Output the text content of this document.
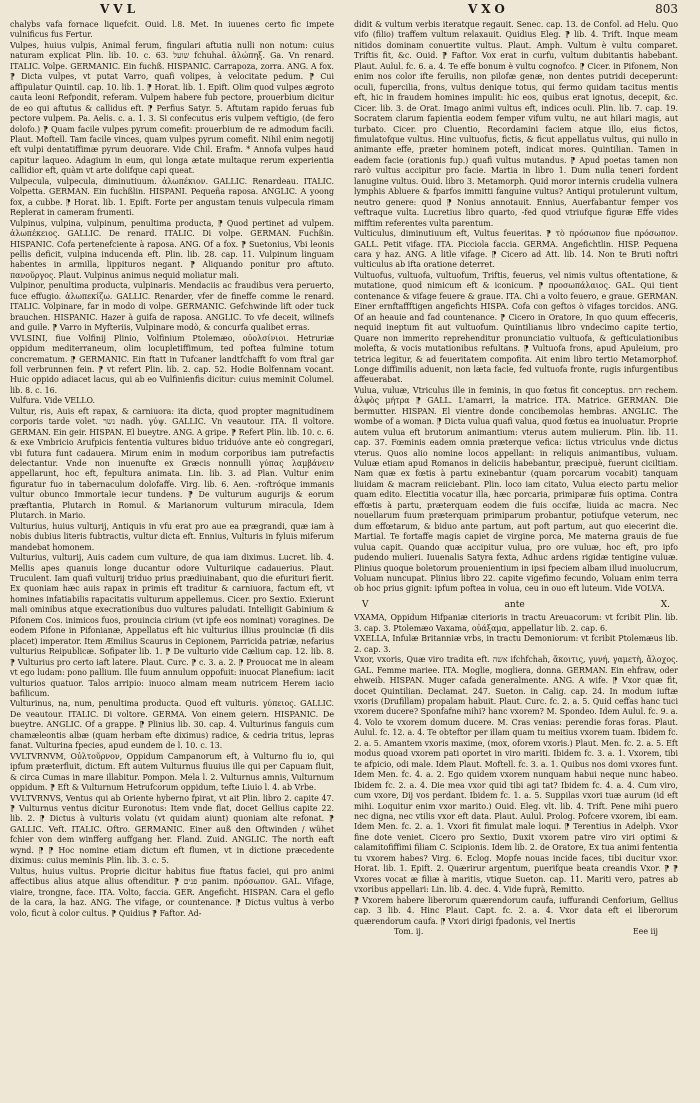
VVL	VXO	803

chalybs vafa fornace liquefcit. Ouid. l.8. Met. In iuuenes certo fic impete vulnificus fus Fertur.

Vulpes, huius vulpis, Animal ferum, fingulari aftutia nulli non notum: cuius naturam explicat Plin. lib. 10. c. 63. שועל fchuhal. ἀλώπηξ. Ga. Vn renard. ITALIC. Volpe. GERMANIC. Ein fuchß. HISPANIC. Carrapoza, zorra. ANG. A fox. ⁋ Dicta vulpes, vt putat Varro, quafi volipes, à velocitate pedum. ⁋ Cui affipulatur Quintil. cap. 10. lib. 1. ⁋ Horat. lib. 1. Epift. Olim quod vulpes ægroto cauta leoni Refpondit, referam. Vulpem habere fub pectore, prouerbium dicitur de eo qui aftutus & callidus eft. ⁋ Perfius Satyr. 5. Aftutam rapido feruas fub pectore vulpem. Pa. Aelis. c. a. 1. 3. Si confecutus eris vulpem veftigio, (de fero dolofo.) ⁋ Quam facile vulpes pyrum comefit: prouerbium de re admodum facili. Plaut. Moftell. Tam facile vinces, quam vulpes pyrum comefit. Nihil enim negotij eft vulpi dentatiffimæ pyrum deuorare. Vide Chil. Erafm. * Annofa vulpes haud capitur laqueo. Adagium in eum, qui longa ætate multaque rerum experientia callidior eft, quàm vt arte dolifque capi queat.

Vulpecula, vulpecula, diminutiuum. ἀλωπέκιον. GALLIC. Renardeau. ITALIC. Volpetta. GERMAN. Ein fuchßlin. HISPANI. Pequeña raposa. ANGLIC. A yoong fox, a cubbe. ⁋ Horat. lib. 1. Epift. Forte per angustam tenuis vulpecula rimam Replerat in cameram frumenti.

Vulpinus, vulpina, vulpinum, penultima producta, ⁋ Quod pertinet ad vulpem. ἀλωπέκειος. GALLIC. De renard. ITALIC. Di volpe. GERMAN. Fuchßin. HISPANIC. Cofa pertenefciente à raposa. ANG. Of a fox. ⁋ Suetonius, Vbi leonis pellis deficit, vulpina inducenda eft. Plin. lib. 28. cap. 11. Vulpinum linguam habentes in armilla, lippituros negant. ⁋ Aliquando ponitur pro aftuto. πανοῦργος. Plaut. Vulpinus animus nequid moliatur mali.

Vulpinor, penultima producta, vulpinaris. Mendaciis ac fraudibus vera peruerto, fuce effugio. ἀλωπεκίζω. GALLIC. Renarder, vfer de fineffe comme le renard. ITALIC. Volpinare, far in modo di volpe. GERMANIC. Gefchwinde lift oder tuck brauchen. HISPANIC. Hazer à guifa de raposa. ANGLIC. To vfe deceit, wilinefs and guile. ⁋ Varro in Myfteriis, Vulpinare modò, & concurfa qualibet erras.

VVLSINI, fiue Volfinij Plinio, Volfinium Ptolemæo, οὐολσίνιοι. Hetruriæ oppidum mediterraneum, olim locupletiffimum, ted poftea fulmine totum concrematum. ⁋ GERMANIC. Ein ftatt in Tufcaner landtfchafft fo vom ftral gar foll verbrunnen fein. ⁋ vt refert Plin. lib. 2. cap. 52. Hodie Bolfennam vocant. Huic oppido adiacet lacus, qui ab eo Vulfinienfis dicitur: cuius meminit Columel. lib. 8. c. 16.

Vulfura. Vide VELLO.

Vultur, ris, Auis eft rapax, & carniuora: ita dicta, quod propter magnitudinem corporis tarde volet. נשר nadh. γύψ. GALLIC. Vn veautour. ITA. Il voltore. GERMAN. Ein geir. HISPAN. El bueytre. ANG. A gripe. ⁋ Refert Plin. lib. 10. c. 6. & exe Vmbricio Arufpicis fententia vultures biduo triduóve ante eò congregari, vbi futura funt cadauera. Mirum enim in modum corporibus iam putrefactis delectantur. Vnde non inuenufte ex Græcis nonnulli γύπας λαμβάνειν appellarunt, hoc eft, fepultura animata. Lin. lib. 3. ad Plan. Vultur enim figuratur fuo in tabernaculum dolofaffe. Virg. lib. 6. Aen. -roftróque immanis vultur obunco Immortale iecur tundens. ⁋ De vulturum augurijs & eorum præftantia, Plutarch in Romul. & Marianorum vulturum miracula, Idem Plutarch. in Mario.

Vulturius, huius vulturij, Antiquis in vfu erat pro aue ea prægrandi, quæ iam à nobis dubius literis fubtractis, vultur dicta eft. Ennius, Vulturis in fyluis miferum mandebat homonem.

Vulturius, vulturij, Auis cadem cum vulture, de qua iam diximus. Lucret. lib. 4. Mellis apes quanuis longe ducantur odore Vulturiique cadauerius. Plaut. Truculent. Iam quafi vulturij triduo prius prædiuinabant, quo die efurituri fierit. Ex quoniam hæc auis rapax in primis eft traditur & carniuora, factum eft, vt homines infatiabilis rapacitatis vulturum appellemus. Cicer. pro Sextio. Exierunt mali ominibus atque execrationibus duo vultures paludati. Intelligit Gabinium & Pifonem Cos. inimicos fuos, prouincia cirium (vt ipfe eos nominat) voragines. De eodem Pifone in Pifonianæ, Appellatus eft hic vulturius illius prouinciæ (fi diis placet) imperator. Item Æmilius Scaurus in Cepionem, Parricida patriæ, nefarius vulturius Reipublicæ. Sofipater lib. 1. ⁋ De vulturio vide Cælium cap. 12. lib. 8. ⁋ Vulturius pro certo iaft latere. Plaut. Curc. ⁋ c. 3. a. 2. ⁋ Prouocat me in aleam vt ego ludam: pono pallium. Ille fuum annulum oppofuit: inuocat Planefium: iacit vulturios quatuor. Talos arripio: inuoco almam meam nutricem Herem iacio bafilicum.

Vulturinus, na, num, penultima producta. Quod eft vulturis. γύπειος. GALLIC. De veautour. ITALIC. Di voltore. GERMA. Von einem geiern. HISPANIC. De bueytre. ANGLIC. Of a grappe. ⁋ Plinius lib. 30. cap. 4. Vulturinus fanguis cum chamæleontis albæ (quam herbam efte diximus) radice, & cedria tritus, lepras fanat. Vulturina fpecies, apud eundem de l. 10. c. 13.

VVLTVRNVM, Οὐλτοῦρνον, Oppidum Campanorum eft, à Vulturno flu io, qui ipfum præterfluit, dictum. Eft autem Vulturnus fluuius ille qui per Capuam fluit, & circa Cumas in mare illabitur. Pompon. Mela l. 2. Vulturnus amnis, Vulturnum oppidum. ⁋ Eft & Vulturnum Hetrufcorum oppidum, tefte Liuio l. 4. ab Vrbe.

VVLTVRNVS, Ventus qui ab Oriente hyberno fpirat, vt ait Plin. libro 2. capite 47. ⁋ Vulturnus ventus dicitur Euronotus: Item vnde flat, docet Gellius capite 22. lib. 2. ⁋ Dictus à vulturis volatu (vt quidam aiunt) quoniam alte refonat. ⁋ GALLIC. Veft. ITALIC. Oftro. GERMANIC. Einer auß den Oftwinden / wühet fchier von dem winfferg auffgang her. Fland. Zuid. ANGLIC. The north eaft wynd. ⁋ ⁋ Hoc nomine etiam dictum eft flumen, vt in dictione præcedente diximus: cuius meminis Plin. lib. 3. c. 5.

Vultus, huius vultus. Proprie dicitur habitus fiue ftatus faciei, qui pro animi affectibus alius atque alius oftenditur. ⁋ פנים panim. πρόσωπον. GAL. Vifage, viaire, trongne, face. ITA. Volto, faccia. GER. Angeficht. HISPAN. Cara el geflo de la cara, la haz. ANG. The vifage, or countenance. ⁋ Dictus vultus à verbo volo, ficut à color cultus. ⁋ Quidius ⁋ Faftor. Ad-

didit & vultum verbis iteratque regauit. Senec. cap. 13. de Confol. ad Helu. Quo vifo (filio) traffem vultum relaxauit. Quidius Eleg. ⁋ lib. 4. Trift. Inque meam nitidos dominam conuertite vultus. Plaut. Amph. Vultum è vultu comparet. Triftis fit, &c. Ouid. ⁋ Faftor. Vox erat in curfu, vultum dubitantis habebant. Plaut. Aulul. fc. 6. a. 4. Te effe bonum è vultu cognofco. ⁋ Cicer. in Pifonem, Non enim nos color ifte feruilis, non pilofæ genæ, non dentes putridi deceperunt: oculi, fupercilia, frons, vultus denique totus, qui fermo quidam tacitus mentis eft, hic in fraudem homines impulit: hic eos, quibus erat ignotus, decepit, &c. Cicer. lib. 3. de Orat. Imago animi vultus eft, indices oculi. Plin. lib. 7. cap. 19. Socratem clarum fapientia eodem femper vifum vultu, ne aut hilari magis, aut turbato. Cicer. pro Cluentio, Recordamini faciem atque illo, eius fictos, fimulatofque vultus. Hinc vultuofus, fictis, & ficut appellatus vultus, qui nullo in animante effe, præter hominem poteft, indicat mores. Quintilian. Tamen in eadem facie (orationis fup.) quafi vultus mutandus. ⁋ Apud poetas tamen non rarò vultus accipitur pro facie. Martia in libro 1. Dum nulla teneri fordent lanugine vultus. Ouid. libro 3. Metamorph. Quid moror internis crudelia vulnera lymphis Abluere & fparfos immitti fanguine vultus? Antiqui protulerunt vultum, neutro genere: quod ⁋ Nonius annotauit. Ennius, Auerfabantur femper vos veftraque vulta. Lucretius libro quarto, -fed quod vtriufque figuræ Effe vides mifftim referentes vulta parentum.

Vulticulus, diminutiuum eft, Vultus feueritas. ⁋ τὸ πρόσωπον fiue πρόσωπον. GALL. Petit vifage. ITA. Picciola faccia. GERMA. Angefichtlin. HISP. Pequena cara y haz. ANG. A litle vifage. ⁋ Cicero ad Att. lib. 14. Non te Bruti noftri vulticulus ab ifta oratione deterret.

Vultuofus, vultuofa, vultuofum, Triftis, feuerus, vel nimis vultus oftentatione, & mutatione, quod nimicum eft & iconicum. ⁋ προσωπάλαιος. GAL. Qui tient contenance & vifage feuere & graue. ITA. Chi a volto feuero, e graue. GERMAN. Einer ernftaffftigen angefichts HISPA. Cofa con geftos ò vifages torcidos. ANG. Of an heauie and fad countenance. ⁋ Cicero in Oratore, In quo quum effeceris, nequid ineptum fit aut vultuofum. Quintilianus libro vndecimo capite tertio, Quare non immerito reprehenditur pronunciatio vultuofa, & gefticulationibus molefta, & vocis mutationibus refultans. ⁋ Vultuofa frons, apud Apuleium, pro tetrica legitur, & ad feueritatem compofita. Ait enim libro tertio Metamorphof. Longe diffimilis aduenit, non læta facie, fed vultuofa fronte, rugis infurgentibus affeuerabat.

Vulua, vuluæ, Vtriculus ille in feminis, in quo fœtus fit conceptus. רחם rechem. ἀλφὸς μήτρα ⁋ GALL. L'amarri, la matrice. ITA. Matrice. GERMAN. Die bermutter. HISPAN. El vientre donde concibemolas hembras. ANGLIC. The wombe of a woman. ⁋ Dicta vulua quafi valua, quod fœtus ea inuoluatur. Proprie autem vulua eft brutorum animantium: vterus autem mulierum. Plin. lib. 11. cap. 37. Fœminis eadem omnia præterque vefica: iictus vtriculus vnde dictus vterus. Quos alio nomine locos appellant: in reliquis animantibus, vuluam. Vuluæ etiam apud Romanos in deliciis habebantur, præcipuè, fuerunt ciciltiam. Nam quæ ex fœtis à partu exinebantur (quam porcarum vocabit) tanquam liuidam & macram reiiciebant. Plin. loco iam citato, Vulua eiecto partu melior quam edito. Electitia vocatur illa, hæc porcaria, primiparæ fuis optima. Contra effœtis à partu, præterquam eodem die fuis occifæ, liuida ac macra. Nec nouellarum fuum præterquam primiparum probantur, potiufque veterum, nec dum effœtarum, & biduo ante partum, aut poft partum, aut quo eiecerint die. Martial. Te fortaffe magis capiet de virgine porca, Me materna grauis de fue vulua capit. Quando quæ accipitur vulua, pro ore vuluæ, hoc eft, pro ipfo pudendo mulieri. Iuuenalis Satyra fexta, Adhuc ardens rigidæ tentigine vuluæ. Plinius quoque boletorum prouenientium in ipsi fpeciem albam illud inuolucrum, Voluam nuncupat. Plinius libro 22. capite vigefimo fecundo, Voluam enim terra ob hoc prius gignit: ipfum poftea in volua, ceu in ouo eft luteum. Vide VOLVA.

V	ante	X.

VXAMA, Oppidum Hifpaniæ citerioris in tractu Areuacorum: vt fcribit Plin. lib. 3. cap. 3. Ptolemæo Vaxama, οὐάξαμα, appellatur lib. 2. cap. 6.

VXELLA, Infulæ Britanniæ vrbs, in tractu Demoniorum: vt fcribit Ptolemæus lib. 2. cap. 3.

Vxor, vxoris, Quæ viro tradita eft. אשה ifchfchah, ἄκοιτις, γυνή, γαμετὴ, ἄλοχος. GAL. Femme mariee. ITA. Moglie, mogliera, donna. GERMAN. Ein ehfraw, oder ehweib. HISPAN. Muger cafada generalmente. ANG. A wife. ⁋ Vxor quæ fit, docet Quintilian. Declamat. 247. Sueton. in Calig. cap. 24. In modum iuftæ vxoris (Drufillam) propalam habuit. Plaut. Curc. fc. 2. a. 5. Quid ceffas hanc tuci vxorem ducere? Sponfafne mihi? hanc vxorem? M. Spondeo. Idem Aulul. fc. 9. a. 4. Volo te vxorem domum ducere. M. Cras venias: perendie foras foras. Plaut. Aulul. fc. 12. a. 4. Te obteftor per illam quam tu meitius vxorem tuam. Ibidem fc. 2. a. 5. Amantem vxoris maxime, (mox, oforem vxoris.) Plaut. Men. fc. 2. a. 5. Eft modus quoad vxorem pati oportet in viro mariti. Ibidem fc. 3. a. 1. Vxorem, tibi te afpicio, odi male. Idem Plaut. Moftell. fc. 3. a. 1. Quibus nos domi vxores funt. Idem Men. fc. 4. a. 2. Ego quidem vxorem nunquam habui neque nunc habeo. Ibidem fc. 2. a. 4. Die mea vxor quid tibi agi tat? Ibidem fc. 4. a. 4. Cum viro, cum vxore, Dij vos perdant. Ibidem fc. 1. a. 5. Suppilas vxori tuæ aurum (id eft mihi. Loquitur enim vxor marito.) Ouid. Eleg. vlt. lib. 4. Trift. Pene mihi puero nec digna, nec vtilis vxor eft data. Plaut. Aulul. Prolog. Pofcere vxorem, ibi eam. Idem Men. fc. 2. a. 1. Vxori fit fimulat male loqui. ⁋ Terentius in Adelph. Vxor fine dote veniet. Cicero pro Sextio, Duxit vxorem patre viro viri optimi & calamitofiffimi filiam C. Scipionis. Idem lib. 2. de Oratore, Ex tua animi fententia tu vxorem habes? Virg. 6. Eclog. Mopfe nouas incide faces, tibi ducitur vxor. Horat. lib. 1. Epift. 2. Quærirur argentum, puerifque beata creandis Vxor. ⁋ ⁋ Vxores vocat æ filiæ à maritis, vtique Sueton. cap. 11. Mariti vero, patres ab vxoribus appellari: Lin. lib. 4. dec. 4. Vide fuprà, Remitto.

⁋ Vxorem habere liberorum quærendorum caufa, iuffurandi Cenforium, Gellius cap. 3 lib. 4. Hinc Plaut. Capt. fc. 2. a. 4. Vxor data eft ei liberorum quærendorum caufa. ⁋ Vxori dirigi fpadonis, vel Inertis

Tom. ij.	Eee iij
